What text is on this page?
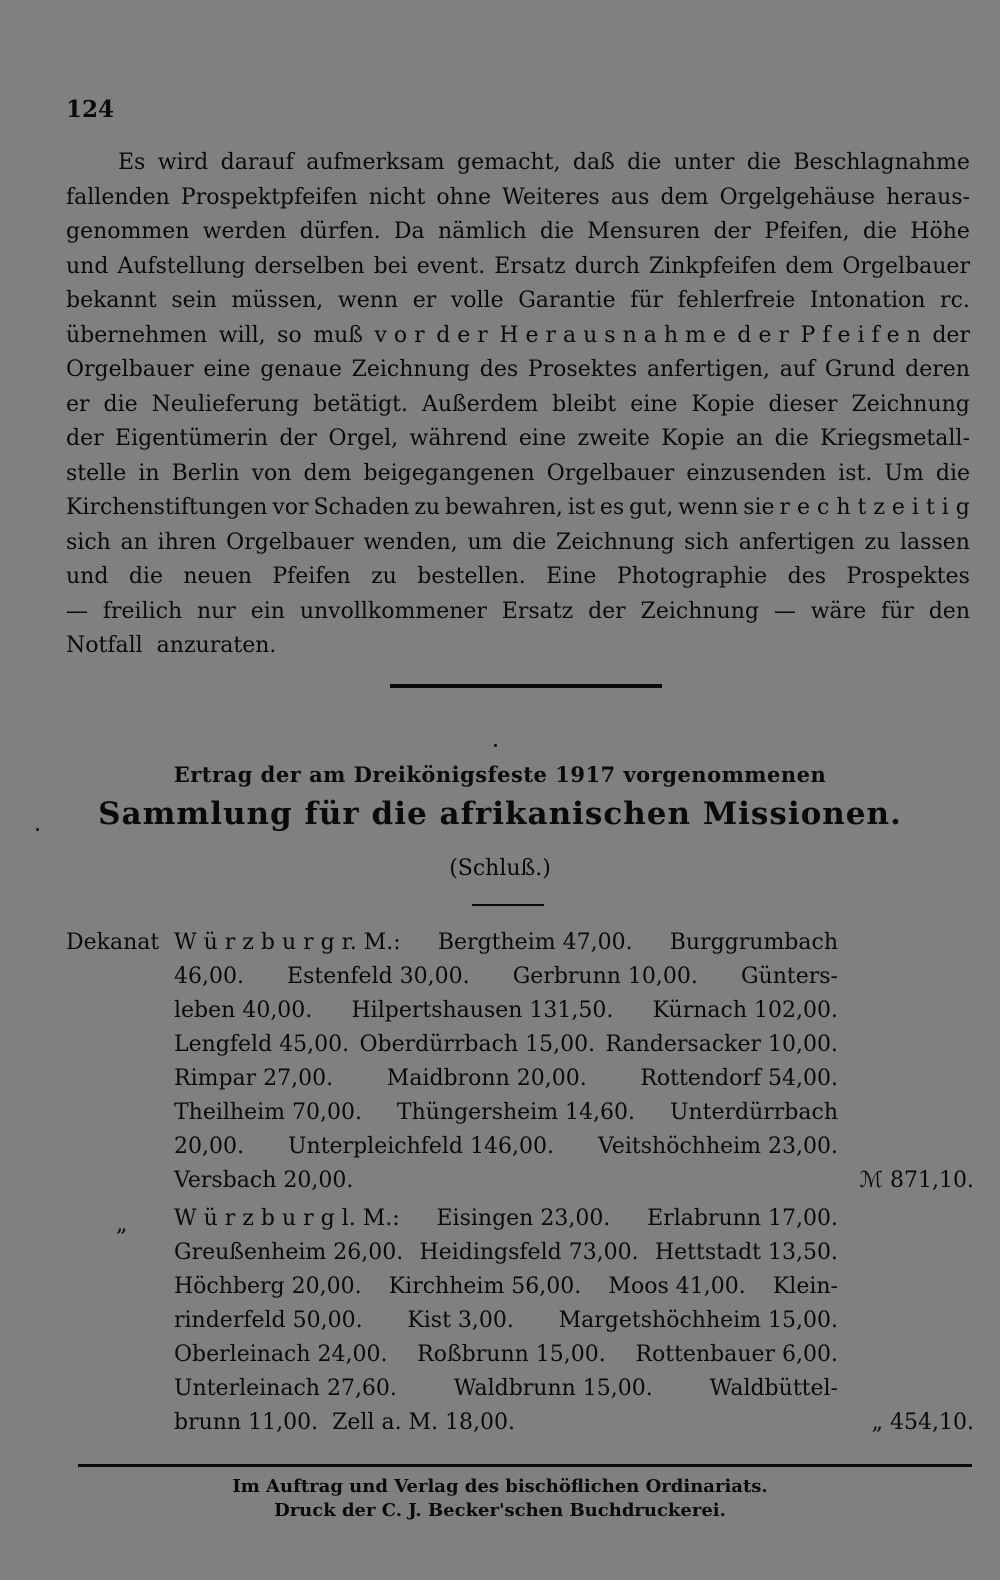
124
Es wird darauf aufmerksam gemacht, daß die unter die Beschlagnahme
fallenden Prospektpfeifen nicht ohne Weiteres aus dem Orgelgehäuse heraus-
genommen werden dürfen. Da nämlich die Mensuren der Pfeifen, die Höhe
und Aufstellung derselben bei event. Ersatz durch Zinkpfeifen dem Orgelbauer
bekannt sein müssen, wenn er volle Garantie für fehlerfreie Intonation rc.
übernehmen will, so muß v o r d e r H e r a u s n a h m e d e r P f e i f e n der
Orgelbauer eine genaue Zeichnung des Prosektes anfertigen, auf Grund deren
er die Neulieferung betätigt. Außerdem bleibt eine Kopie dieser Zeichnung
der Eigentümerin der Orgel, während eine zweite Kopie an die Kriegsmetall-
stelle in Berlin von dem beigegangenen Orgelbauer einzusenden ist. Um die
Kirchenstiftungen vor Schaden zu bewahren, ist es gut, wenn sie r e c h t z e i t i g
sich an ihren Orgelbauer wenden, um die Zeichnung sich anfertigen zu lassen
und die neuen Pfeifen zu bestellen. Eine Photographie des Prospektes
— freilich nur ein unvollkommener Ersatz der Zeichnung — wäre für den
Notfall anzuraten.
Ertrag der am Dreikönigsfeste 1917 vorgenommenen
Sammlung für die afrikanischen Missionen.
(Schluß.)
Dekanat W ü r z b u r g r. M.: Bergtheim 47,00. Burggrumbach
46,00. Estenfeld 30,00. Gerbrunn 10,00. Günters-
leben 40,00. Hilpertshausen 131,50. Kürnach 102,00.
Lengfeld 45,00. Oberdürrbach 15,00. Randersacker 10,00.
Rimpar 27,00. Maidbronn 20,00. Rottendorf 54,00.
Theilheim 70,00. Thüngersheim 14,60. Unterdürrbach
20,00. Unterpleichfeld 146,00. Veitshöchheim 23,00.
Versbach 20,00.	ℳ 871,10.
„ W ü r z b u r g l. M.: Eisingen 23,00. Erlabrunn 17,00.
Greußenheim 26,00. Heidingsfeld 73,00. Hettstadt 13,50.
Höchberg 20,00. Kirchheim 56,00. Moos 41,00. Klein-
rinderfeld 50,00. Kist 3,00. Margetshöchheim 15,00.
Oberleinach 24,00. Roßbrunn 15,00. Rottenbauer 6,00.
Unterleinach 27,60.	Waldbrunn 15,00.	Waldbüttel-
brunn 11,00. Zell a. M. 18,00.	„ 454,10.
Im Auftrag und Verlag des bischöflichen Ordinariats.
Druck der C. J. Becker'schen Buchdruckerei.
